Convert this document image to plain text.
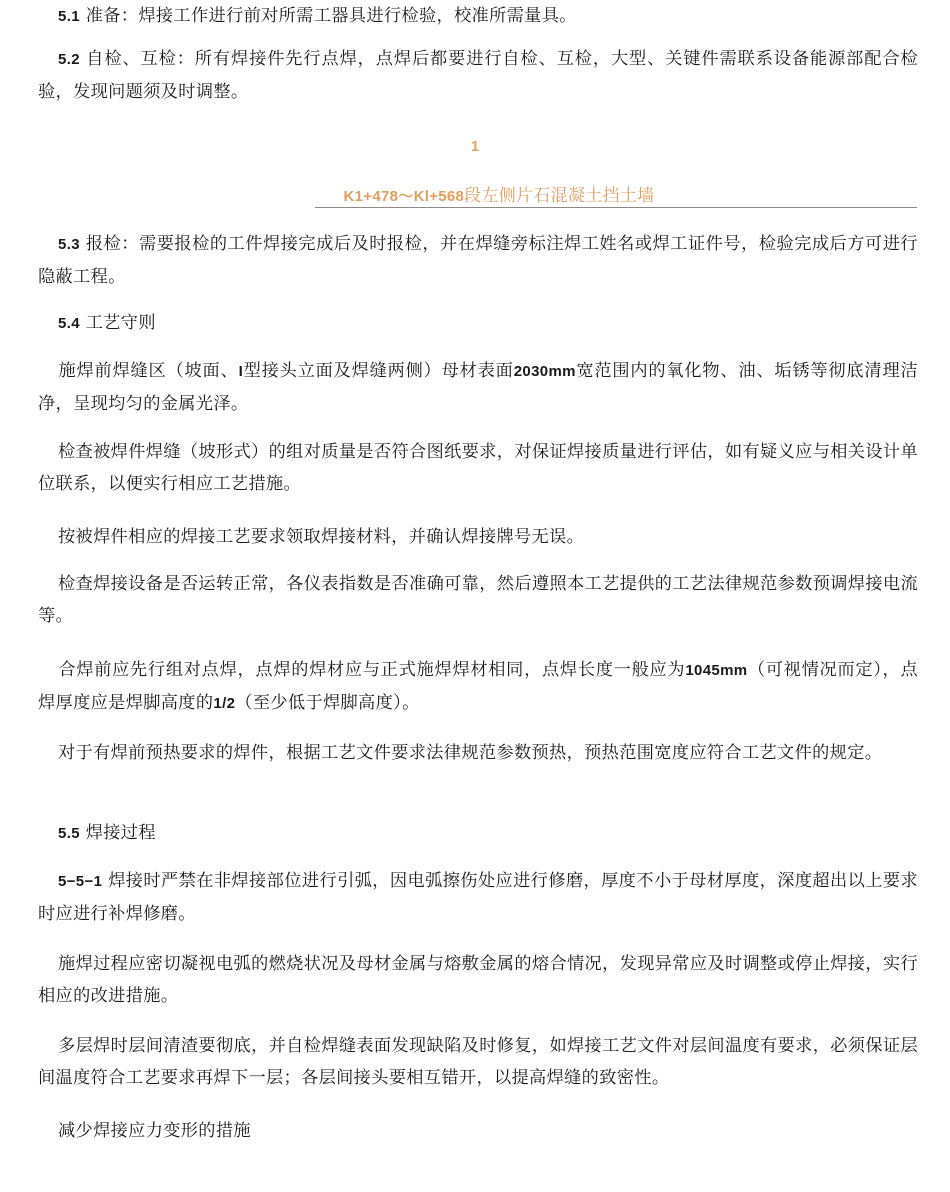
5.1 准备：焊接工作进行前对所需工器具进行检验，校准所需量具。

5.2 自检、互检：所有焊接件先行点焊，点焊后都要进行自检、互检，大型、关键件需联系设备能源部配合检验，发现问题须及时调整。

1
K1+478〜Kl+568段左侧片石混凝土挡土墙

5.3 报检：需要报检的工件焊接完成后及时报检，并在焊缝旁标注焊工姓名或焊工证件号，检验完成后方可进行隐蔽工程。

5.4 工艺守则

施焊前焊缝区（坡面、I型接头立面及焊缝两侧）母材表面2030mm宽范围内的氧化物、油、垢锈等彻底清理洁净，呈现均匀的金属光泽。

检查被焊件焊缝（坡形式）的组对质量是否符合图纸要求，对保证焊接质量进行评估，如有疑义应与相关设计单位联系，以便实行相应工艺措施。

按被焊件相应的焊接工艺要求领取焊接材料，并确认焊接牌号无误。

检查焊接设备是否运转正常，各仪表指数是否准确可靠，然后遵照本工艺提供的工艺法律规范参数预调焊接电流等。

合焊前应先行组对点焊，点焊的焊材应与正式施焊焊材相同，点焊长度一般应为1045mm（可视情况而定），点焊厚度应是焊脚高度的1/2（至少低于焊脚高度）。

对于有焊前预热要求的焊件，根据工艺文件要求法律规范参数预热，预热范围宽度应符合工艺文件的规定。

5.5 焊接过程

5−5−1 焊接时严禁在非焊接部位进行引弧，因电弧擦伤处应进行修磨，厚度不小于母材厚度，深度超出以上要求时应进行补焊修磨。

施焊过程应密切凝视电弧的燃烧状况及母材金属与熔敷金属的熔合情况，发现异常应及时调整或停止焊接，实行相应的改进措施。

多层焊时层间清渣要彻底，并自检焊缝表面发现缺陷及时修复，如焊接工艺文件对层间温度有要求，必须保证层间温度符合工艺要求再焊下一层；各层间接头要相互错开，以提高焊缝的致密性。

减少焊接应力变形的措施
